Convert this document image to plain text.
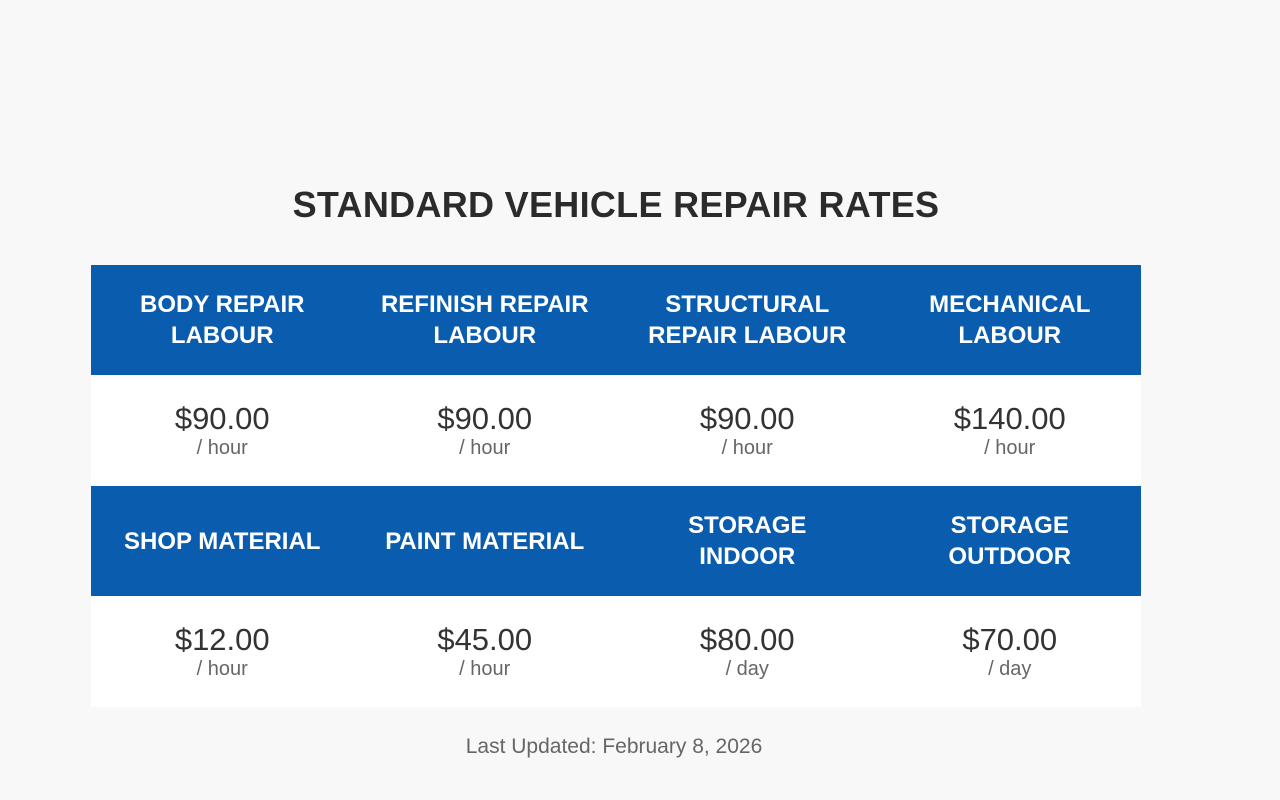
STANDARD VEHICLE REPAIR RATES
BODY REPAIR
LABOUR
REFINISH REPAIR
LABOUR
STRUCTURAL
REPAIR LABOUR
MECHANICAL
LABOUR
$90.00
/ hour
$90.00
/ hour
$90.00
/ hour
$140.00
/ hour
SHOP MATERIAL	PAINT MATERIAL
STORAGE
INDOOR
STORAGE
OUTDOOR
$12.00
/ hour
$45.00
/ hour
$80.00
/ day
$70.00
/ day
Last Updated: February 8, 2026
